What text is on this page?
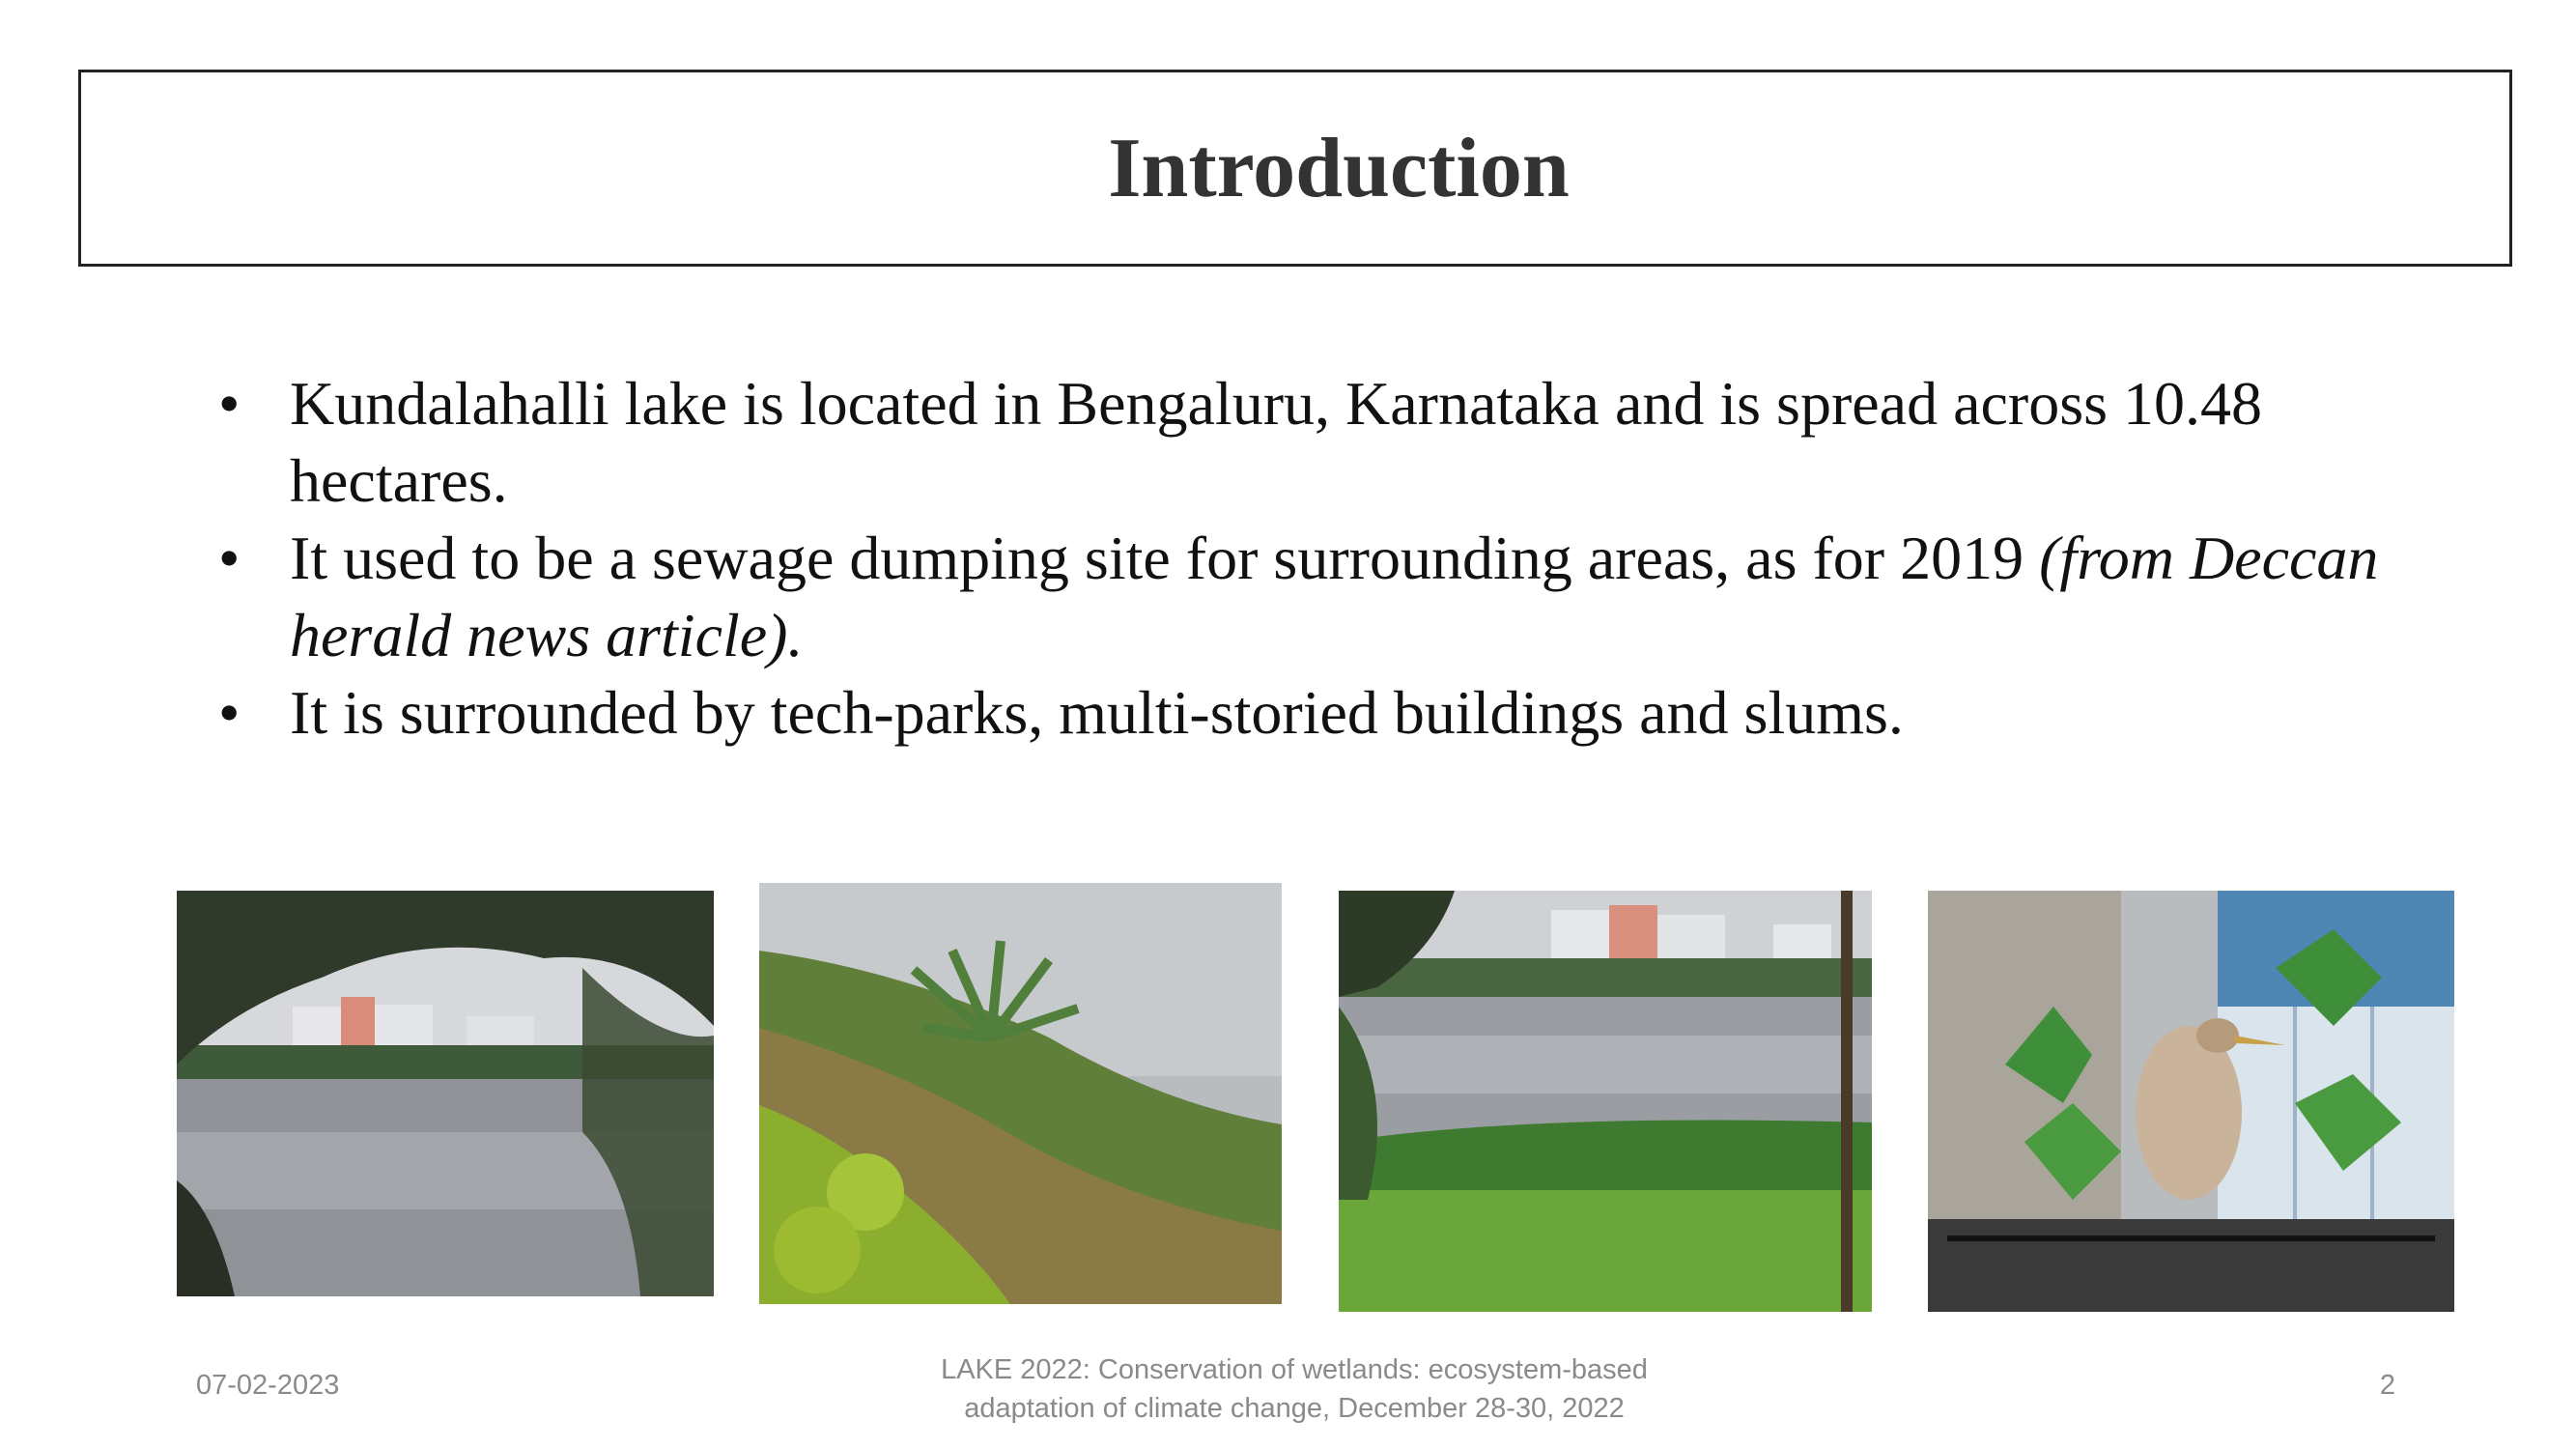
Introduction
• Kundalahalli lake is located in Bengaluru, Karnataka and is spread across 10.48 hectares.
• It used to be a sewage dumping site for surrounding areas, as for 2019 (from Deccan herald news article).
• It is surrounded by tech-parks, multi-storied buildings and slums.
07-02-2023	LAKE 2022: Conservation of wetlands: ecosystem-based
adaptation of climate change, December 28-30, 2022
2
